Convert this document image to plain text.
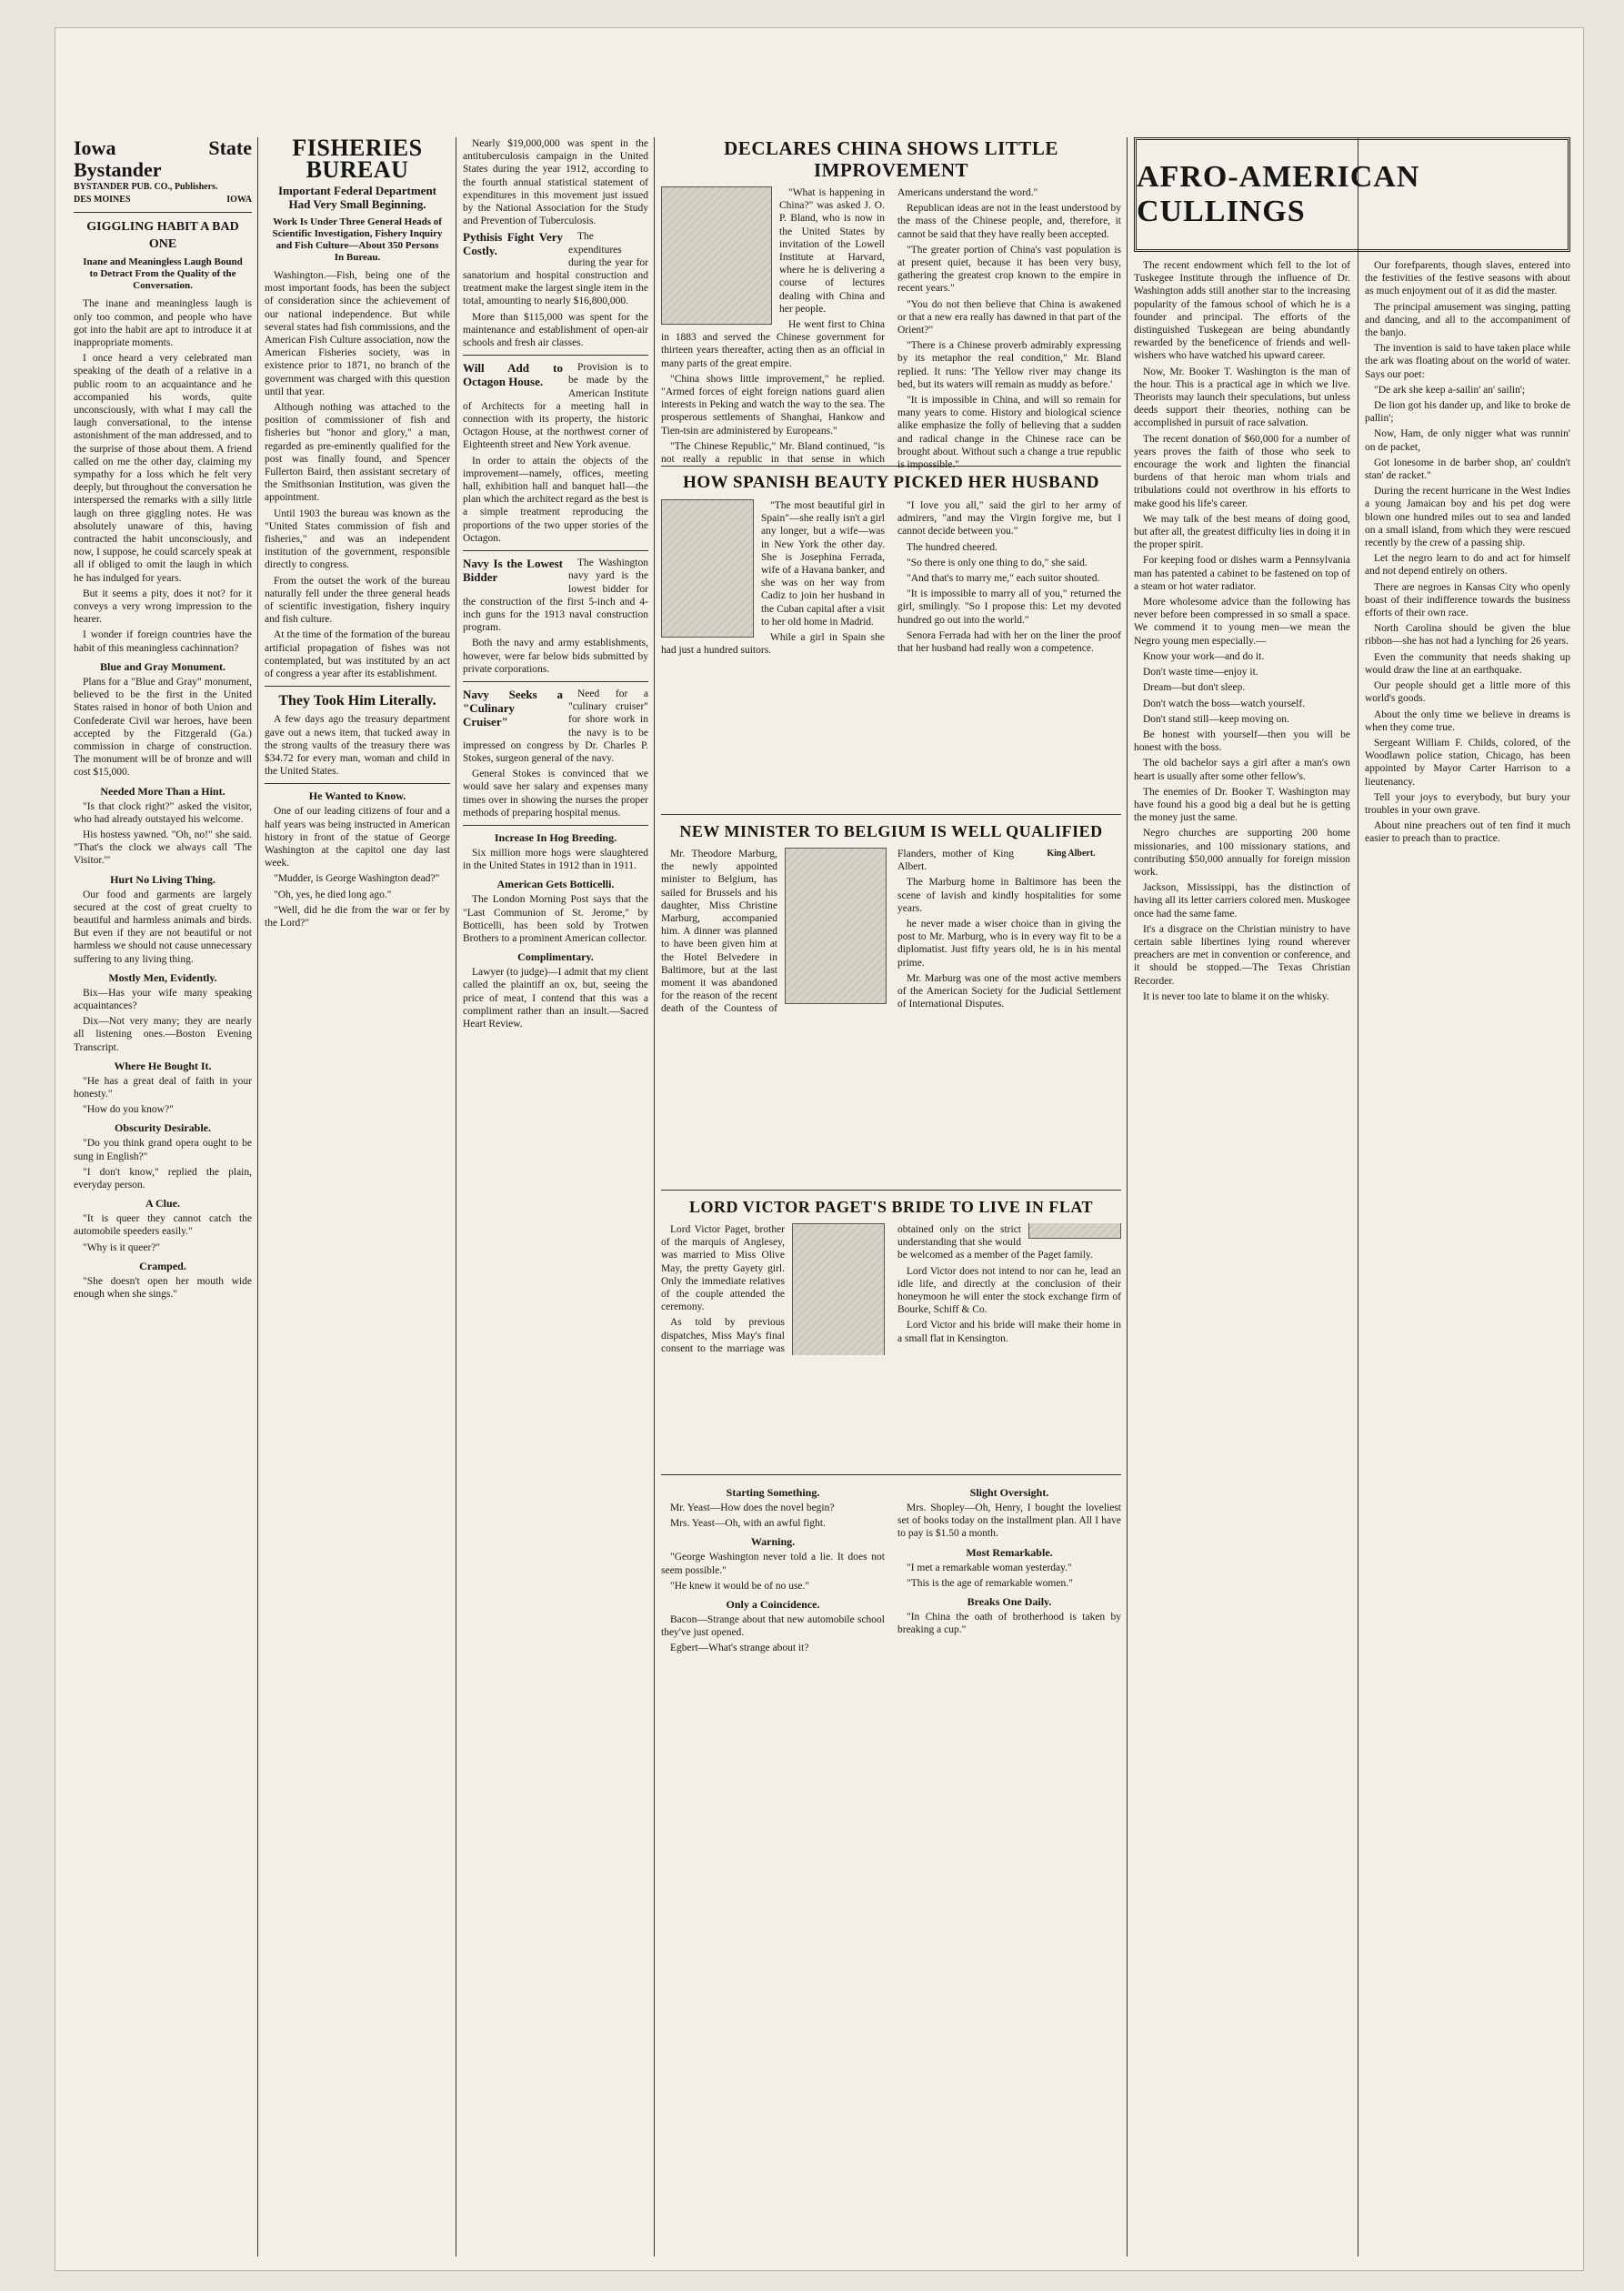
Iowa State Bystander
BYSTANDER PUB. CO., Publishers.
DES MOINES	IOWA
GIGGLING HABIT A BAD ONE
Inane and Meaningless Laugh Bound to Detract From the Quality of the Conversation.

The inane and meaningless laugh is only too common, and people who have got into the habit are apt to introduce it at inappropriate moments.

I once heard a very celebrated man speaking of the death of a relative in a public room to an acquaintance and he accompanied his words, quite unconsciously, with what I may call the laugh conversational, to the intense astonishment of the man addressed, and to the surprise of those about them. A friend called on me the other day, claiming my sympathy for a loss which he felt very deeply, but throughout the conversation he interspersed the remarks with a silly little laugh on three giggling notes. He was absolutely unaware of this, having contracted the habit unconsciously, and now, I suppose, he could scarcely speak at all if obliged to omit the laugh in which he has indulged for years.

But it seems a pity, does it not? for it conveys a very wrong impression to the hearer.

I wonder if foreign countries have the habit of this meaningless cachinnation?

Blue and Gray Monument.

Plans for a "Blue and Gray" monument, believed to be the first in the United States raised in honor of both Union and Confederate Civil war heroes, have been accepted by the Fitzgerald (Ga.) commission in charge of construction. The monument will be of bronze and will cost $15,000.

Needed More Than a Hint.

"Is that clock right?" asked the visitor, who had already outstayed his welcome.

His hostess yawned. "Oh, no!" she said. "That's the clock we always call 'The Visitor.'"

Hurt No Living Thing.

Our food and garments are largely secured at the cost of great cruelty to beautiful and harmless animals and birds. But even if they are not beautiful or not harmless we should not cause unnecessary suffering to any living thing.

Mostly Men, Evidently.

Bix—Has your wife many speaking acquaintances?

Dix—Not very many; they are nearly all listening ones.—Boston Evening Transcript.

Where He Bought It.

"He has a great deal of faith in your honesty."

"How do you know?"

Obscurity Desirable.

"Do you think grand opera ought to be sung in English?"

"I don't know," replied the plain, everyday person.

A Clue.

"It is queer they cannot catch the automobile speeders easily."

"Why is it queer?"

Cramped.

"She doesn't open her mouth wide enough when she sings."

FISHERIES BUREAU
Important Federal Department Had Very Small Beginning.
Work Is Under Three General Heads of Scientific Investigation, Fishery Inquiry and Fish Culture—About 350 Persons In Bureau.

Washington.—Fish, being one of the most important foods, has been the subject of consideration since the achievement of our national independence. But while several states had fish commissions, and the American Fish Culture association, now the American Fisheries society, was in existence prior to 1871, no branch of the government was charged with this question until that year.

Although nothing was attached to the position of commissioner of fish and fisheries but "honor and glory," a man, regarded as pre-eminently qualified for the post was finally found, and Spencer Fullerton Baird, then assistant secretary of the Smithsonian Institution, was given the appointment.

Until 1903 the bureau was known as the "United States commission of fish and fisheries," and was an independent institution of the government, responsible directly to congress.

From the outset the work of the bureau naturally fell under the three general heads of scientific investigation, fishery inquiry and fish culture.

At the time of the formation of the bureau artificial propagation of fishes was not contemplated, but was instituted by an act of congress a year after its establishment.

They Took Him Literally.

A few days ago the treasury department gave out a news item, that tucked away in the strong vaults of the treasury there was $34.72 for every man, woman and child in the United States.

He Wanted to Know.

One of our leading citizens of four and a half years was being instructed in American history in front of the statue of George Washington at the capitol one day last week.

"Mudder, is George Washington dead?"

"Oh, yes, he died long ago."

"Well, did he die from the war or fer by the Lord?"

Nearly $19,000,000 was spent in the antituberculosis campaign in the United States during the year 1912, according to the fourth annual statistical statement of expenditures in this movement just issued by the National Association for the Study and Prevention of Tuberculosis.

Pythisis Fight Very Costly.

The expenditures during the year for sanatorium and hospital construction and treatment make the largest single item in the total, amounting to nearly $16,800,000.

More than $115,000 was spent for the maintenance and establishment of open-air schools and fresh air classes.

Will Add to Octagon House.

Provision is to be made by the American Institute of Architects for a meeting hall in connection with its property, the historic Octagon House, at the northwest corner of Eighteenth street and New York avenue.

In order to attain the objects of the improvement—namely, offices, meeting hall, exhibition hall and banquet hall—the plan which the architect regard as the best is a simple treatment reproducing the proportions of the two upper stories of the Octagon.

Navy Is the Lowest Bidder

The Washington navy yard is the lowest bidder for the construction of the first 5-inch and 4-inch guns for the 1913 naval construction program.

Both the navy and army establishments, however, were far below bids submitted by private corporations.

Navy Seeks a "Culinary Cruiser"

Need for a "culinary cruiser" for shore work in the navy is to be impressed on congress by Dr. Charles P. Stokes, surgeon general of the navy.

General Stokes is convinced that we would save her salary and expenses many times over in showing the nurses the proper methods of preparing hospital menus.

Increase In Hog Breeding.

Six million more hogs were slaughtered in the United States in 1912 than in 1911.

American Gets Botticelli.

The London Morning Post says that the "Last Communion of St. Jerome," by Botticelli, has been sold by Trotwen Brothers to a prominent American collector.

Complimentary.

Lawyer (to judge)—I admit that my client called the plaintiff an ox, but, seeing the price of meat, I contend that this was a compliment rather than an insult.—Sacred Heart Review.

DECLARES CHINA SHOWS LITTLE IMPROVEMENT

"What is happening in China?" was asked J. O. P. Bland, who is now in the United States by invitation of the Lowell Institute at Harvard, where he is delivering a course of lectures dealing with China and her people.

He went first to China in 1883 and served the Chinese government for thirteen years thereafter, acting then as an official in many parts of the great empire.

"China shows little improvement," he replied. "Armed forces of eight foreign nations guard alien interests in Peking and watch the way to the sea. The prosperous settlements of Shanghai, Hankow and Tien-tsin are administered by Europeans."

"The Chinese Republic," Mr. Bland continued, "is not really a republic in that sense in which Americans understand the word."

Republican ideas are not in the least understood by the mass of the Chinese people, and, therefore, it cannot be said that they have really been accepted.

"The greater portion of China's vast population is at present quiet, because it has been very busy, gathering the greatest crop known to the empire in recent years."

"You do not then believe that China is awakened or that a new era really has dawned in that part of the Orient?"

"There is a Chinese proverb admirably expressing by its metaphor the real condition," Mr. Bland replied. It runs: 'The Yellow river may change its bed, but its waters will remain as muddy as before.'

"It is impossible in China, and will so remain for many years to come. History and biological science alike emphasize the folly of believing that a sudden and radical change in the Chinese race can be brought about. Without such a change a true republic is impossible."

HOW SPANISH BEAUTY PICKED HER HUSBAND

"The most beautiful girl in Spain"—she really isn't a girl any longer, but a wife—was in New York the other day. She is Josephina Ferrada, wife of a Havana banker, and she was on her way from Cadiz to join her husband in the Cuban capital after a visit to her old home in Madrid.

While a girl in Spain she had just a hundred suitors.

"I love you all," said the girl to her army of admirers, "and may the Virgin forgive me, but I cannot decide between you."

The hundred cheered.

"So there is only one thing to do," she said.

"And that's to marry me," each suitor shouted.

"It is impossible to marry all of you," returned the girl, smilingly. "So I propose this: Let my devoted hundred go out into the world."

Senora Ferrada had with her on the liner the proof that her husband had really won a competence.

NEW MINISTER TO BELGIUM IS WELL QUALIFIED
King Albert.

Mr. Theodore Marburg, the newly appointed minister to Belgium, has sailed for Brussels and his daughter, Miss Christine Marburg, accompanied him. A dinner was planned to have been given him at the Hotel Belvedere in Baltimore, but at the last moment it was abandoned for the reason of the recent death of the Countess of Flanders, mother of King Albert.

The Marburg home in Baltimore has been the scene of lavish and kindly hospitalities for some years.

he never made a wiser choice than in giving the post to Mr. Marburg, who is in every way fit to be a diplomatist. Just fifty years old, he is in his mental prime.

Mr. Marburg was one of the most active members of the American Society for the Judicial Settlement of International Disputes.

LORD VICTOR PAGET'S BRIDE TO LIVE IN FLAT

Lord Victor Paget, brother of the marquis of Anglesey, was married to Miss Olive May, the pretty Gayety girl. Only the immediate relatives of the couple attended the ceremony.

As told by previous dispatches, Miss May's final consent to the marriage was obtained only on the strict understanding that she would be welcomed as a member of the Paget family.

Lord Victor does not intend to nor can he, lead an idle life, and directly at the conclusion of their honeymoon he will enter the stock exchange firm of Bourke, Schiff & Co.

Lord Victor and his bride will make their home in a small flat in Kensington.

Starting Something.

Mr. Yeast—How does the novel begin?

Mrs. Yeast—Oh, with an awful fight.

Warning.

"George Washington never told a lie. It does not seem possible."

"He knew it would be of no use."

Only a Coincidence.

Bacon—Strange about that new automobile school they've just opened.

Egbert—What's strange about it?

Slight Oversight.

Mrs. Shopley—Oh, Henry, I bought the loveliest set of books today on the installment plan. All I have to pay is $1.50 a month.

Most Remarkable.

"I met a remarkable woman yesterday."

"This is the age of remarkable women."

Breaks One Daily.

"In China the oath of brotherhood is taken by breaking a cup."

AFRO-AMERICAN CULLINGS

The recent endowment which fell to the lot of Tuskegee Institute through the influence of Dr. Washington adds still another star to the increasing popularity of the famous school of which he is a founder and principal. The efforts of the distinguished Tuskegean are being abundantly rewarded by the beneficence of friends and well-wishers who have watched his upward career.

Now, Mr. Booker T. Washington is the man of the hour. This is a practical age in which we live. Theorists may launch their speculations, but unless deeds support their theories, nothing can be accomplished in pursuit of race salvation.

The recent donation of $60,000 for a number of years proves the faith of those who seek to encourage the work and lighten the financial burdens of that heroic man whom trials and tribulations could not overthrow in his efforts to make good his life's career.

We may talk of the best means of doing good, but after all, the greatest difficulty lies in doing it in the proper spirit.

For keeping food or dishes warm a Pennsylvania man has patented a cabinet to be fastened on top of a steam or hot water radiator.

More wholesome advice than the following has never before been compressed in so small a space. We commend it to young men—we mean the Negro young men especially.—

Know your work—and do it.

Don't waste time—enjoy it.

Dream—but don't sleep.

Don't watch the boss—watch yourself.

Don't stand still—keep moving on.

Be honest with yourself—then you will be honest with the boss.

The old bachelor says a girl after a man's own heart is usually after some other fellow's.

The enemies of Dr. Booker T. Washington may have found his a good big a deal but he is getting the money just the same.

Negro churches are supporting 200 home missionaries, and 100 missionary stations, and contributing $50,000 annually for foreign mission work.

Jackson, Mississippi, has the distinction of having all its letter carriers colored men. Muskogee once had the same fame.

It's a disgrace on the Christian ministry to have certain sable libertines lying round wherever preachers are met in convention or conference, and it should be stopped.—The Texas Christian Recorder.

It is never too late to blame it on the whisky.

Our forefparents, though slaves, entered into the festivities of the festive seasons with about as much enjoyment out of it as did the master.

The principal amusement was singing, patting and dancing, and all to the accompaniment of the banjo.

The invention is said to have taken place while the ark was floating about on the world of water. Says our poet:

"De ark she keep a-sailin' an' sailin';

De lion got his dander up, and like to broke de pallin';

Now, Ham, de only nigger what was runnin' on de packet,

Got lonesome in de barber shop, an' couldn't stan' de racket."

During the recent hurricane in the West Indies a young Jamaican boy and his pet dog were blown one hundred miles out to sea and landed on a small island, from which they were rescued recently by the crew of a passing ship.

Let the negro learn to do and act for himself and not depend entirely on others.

There are negroes in Kansas City who openly boast of their indifference towards the business efforts of their own race.

North Carolina should be given the blue ribbon—she has not had a lynching for 26 years.

Even the community that needs shaking up would draw the line at an earthquake.

Our people should get a little more of this world's goods.

About the only time we believe in dreams is when they come true.

Sergeant William F. Childs, colored, of the Woodlawn police station, Chicago, has been appointed by Mayor Carter Harrison to a lieutenancy.

Tell your joys to everybody, but bury your troubles in your own grave.

About nine preachers out of ten find it much easier to preach than to practice.
